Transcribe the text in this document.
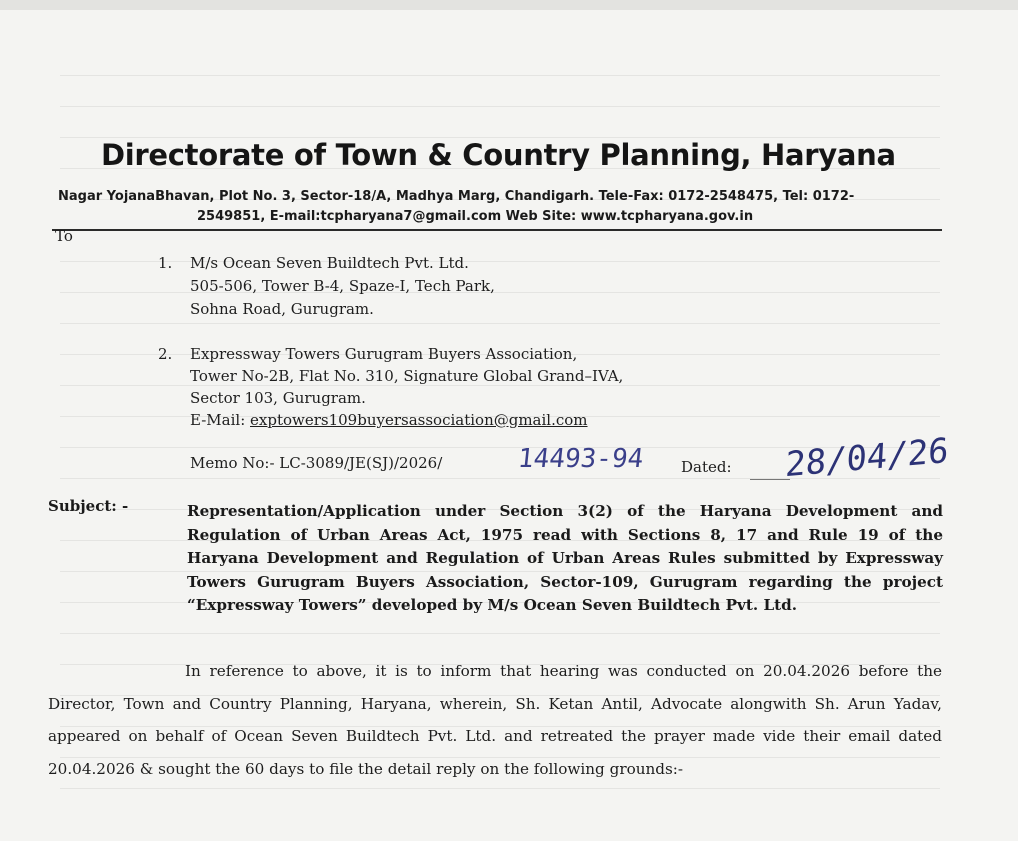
Directorate of Town & Country Planning, Haryana
Nagar YojanaBhavan, Plot No. 3, Sector-18/A, Madhya Marg, Chandigarh. Tele-Fax: 0172-2548475, Tel: 0172-
2549851, E-mail:tcpharyana7@gmail.com Web Site: www.tcpharyana.gov.in
To
1. M/s Ocean Seven Buildtech Pvt. Ltd.
505-506, Tower B-4, Spaze-I, Tech Park,
Sohna Road, Gurugram.
2. Expressway Towers Gurugram Buyers Association,
Tower No-2B, Flat No. 310, Signature Global Grand–IVA,
Sector 103, Gurugram.
E-Mail: exptowers109buyersassociation@gmail.com
Memo No:- LC-3089/JE(SJ)/2026/	14493-94 Dated: 28/04/26
Subject: -	Representation/Application under Section 3(2) of the Haryana Development and Regulation of Urban Areas Act, 1975 read with Sections 8, 17 and Rule 19 of the Haryana Development and Regulation of Urban Areas Rules submitted by Expressway Towers Gurugram Buyers Association, Sector-109, Gurugram regarding the project “Expressway Towers” developed by M/s Ocean Seven Buildtech Pvt. Ltd.

In reference to above, it is to inform that hearing was conducted on 20.04.2026 before the Director, Town and Country Planning, Haryana, wherein, Sh. Ketan Antil, Advocate alongwith Sh. Arun Yadav, appeared on behalf of Ocean Seven Buildtech Pvt. Ltd. and retreated the prayer made vide their email dated 20.04.2026 & sought the 60 days to file the detail reply on the following grounds:-
